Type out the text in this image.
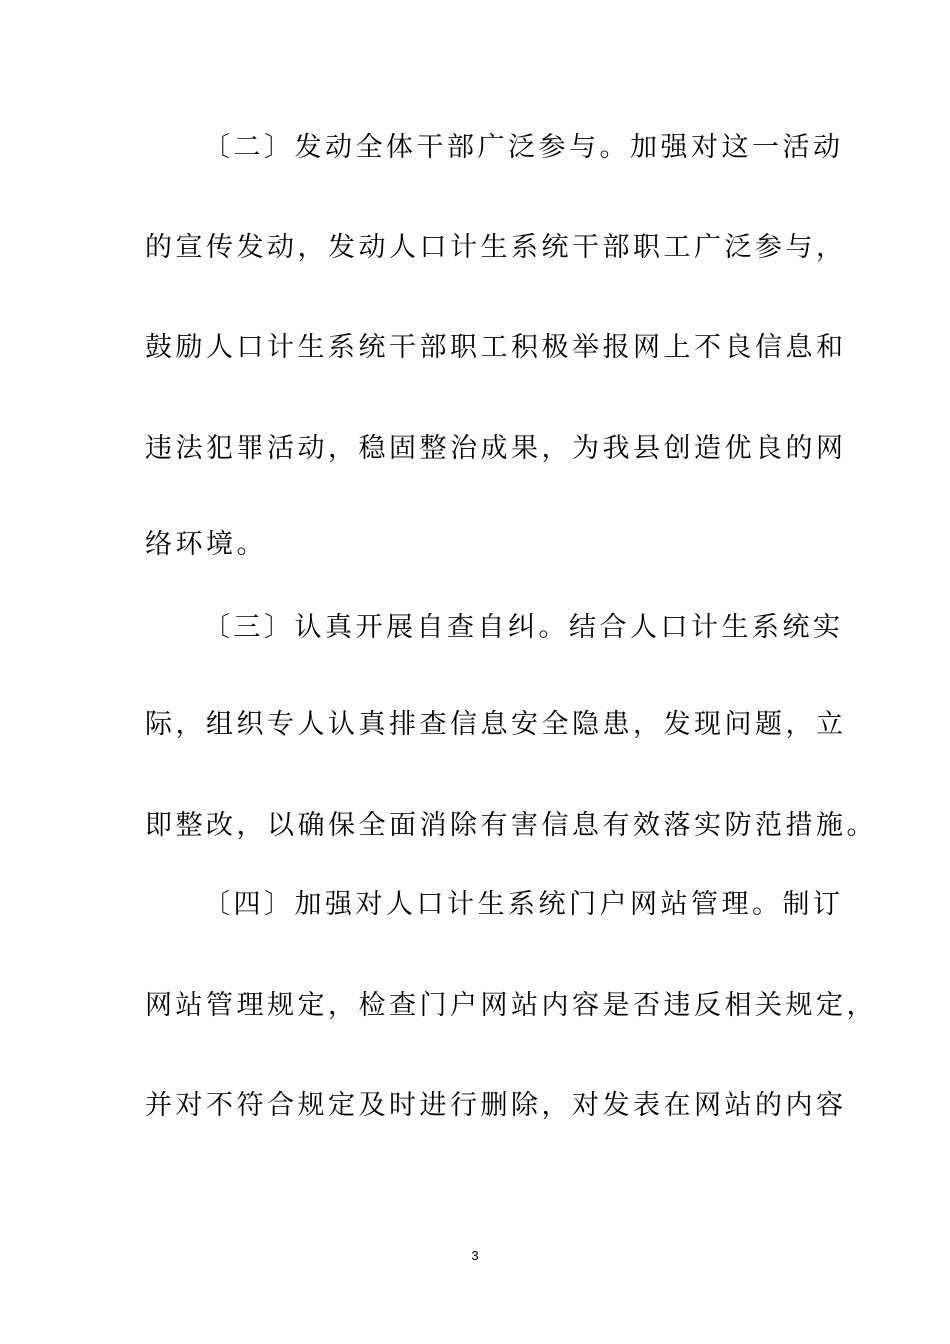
〔二〕发动全体干部广泛参与。加强对这一活动
的宣传发动，发动人口计生系统干部职工广泛参与，
鼓励人口计生系统干部职工积极举报网上不良信息和
违法犯罪活动，稳固整治成果，为我县创造优良的网
络环境。
〔三〕认真开展自查自纠。结合人口计生系统实
际，组织专人认真排查信息安全隐患，发现问题，立
即整改，以确保全面消除有害信息有效落实防范措施。
〔四〕加强对人口计生系统门户网站管理。制订
网站管理规定，检查门户网站内容是否违反相关规定，
并对不符合规定及时进行删除，对发表在网站的内容
3
